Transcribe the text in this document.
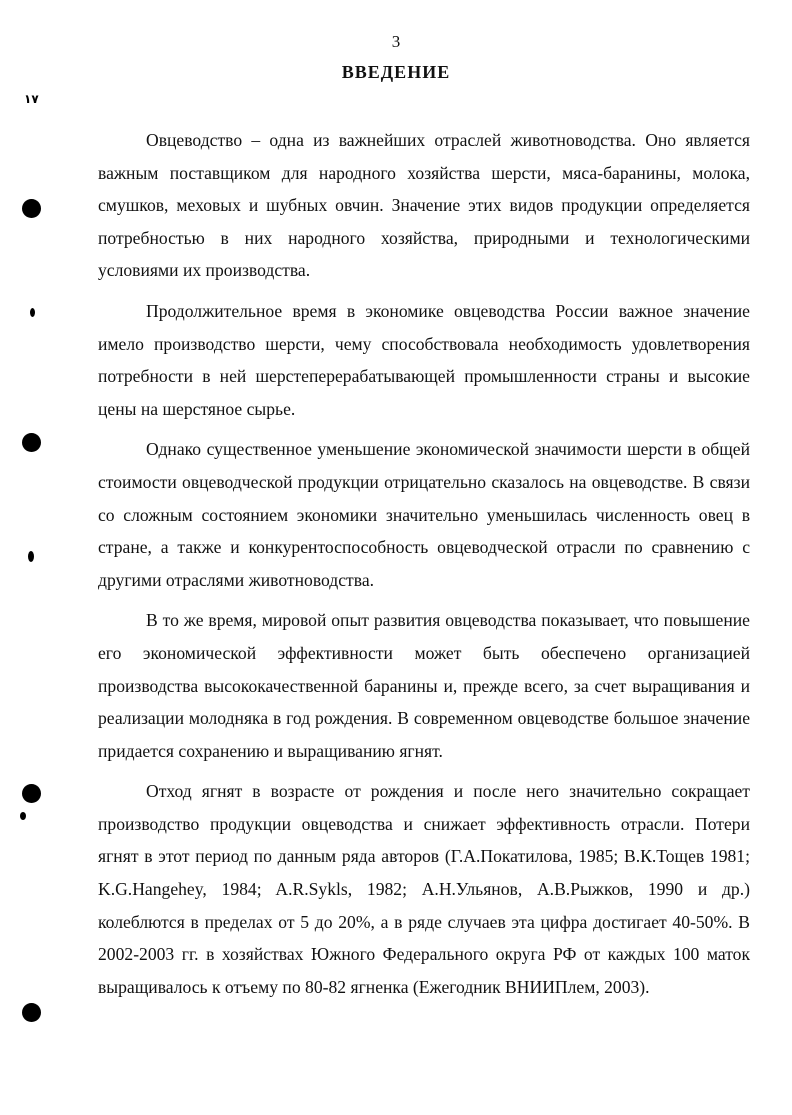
3
ВВЕДЕНИЕ
١٧

Овцеводство – одна из важнейших отраслей животноводства. Оно является важным поставщиком для народного хозяйства шерсти, мяса-баранины, молока, смушков, меховых и шубных овчин. Значение этих видов продукции определяется потребностью в них народного хозяйства, природными и технологическими условиями их производства.

Продолжительное время в экономике овцеводства России важное значение имело производство шерсти, чему способствовала необходимость удовлетворения потребности в ней шерстеперерабатывающей промышленности страны и высокие цены на шерстяное сырье.

Однако существенное уменьшение экономической значимости шерсти в общей стоимости овцеводческой продукции отрицательно сказалось на овцеводстве. В связи со сложным состоянием экономики значительно уменьшилась численность овец в стране, а также и конкурентоспособность овцеводческой отрасли по сравнению с другими отраслями животноводства.

В то же время, мировой опыт развития овцеводства показывает, что повышение его экономической эффективности может быть обеспечено организацией производства высококачественной баранины и, прежде всего, за счет выращивания и реализации молодняка в год рождения. В современном овцеводстве большое значение придается сохранению и выращиванию ягнят.

Отход ягнят в возрасте от рождения и после него значительно сокращает производство продукции овцеводства и снижает эффективность отрасли. Потери ягнят в этот период по данным ряда авторов (Г.А.Покатилова, 1985; В.К.Тощев 1981; K.G.Hangehey, 1984; A.R.Sykls, 1982; А.Н.Ульянов, А.В.Рыжков, 1990 и др.) колеблются в пределах от 5 до 20%, а в ряде случаев эта цифра достигает 40-50%. В 2002-2003 гг. в хозяйствах Южного Федерального округа РФ от каждых 100 маток выращивалось к отъему по 80-82 ягненка (Ежегодник ВНИИПлем, 2003).
